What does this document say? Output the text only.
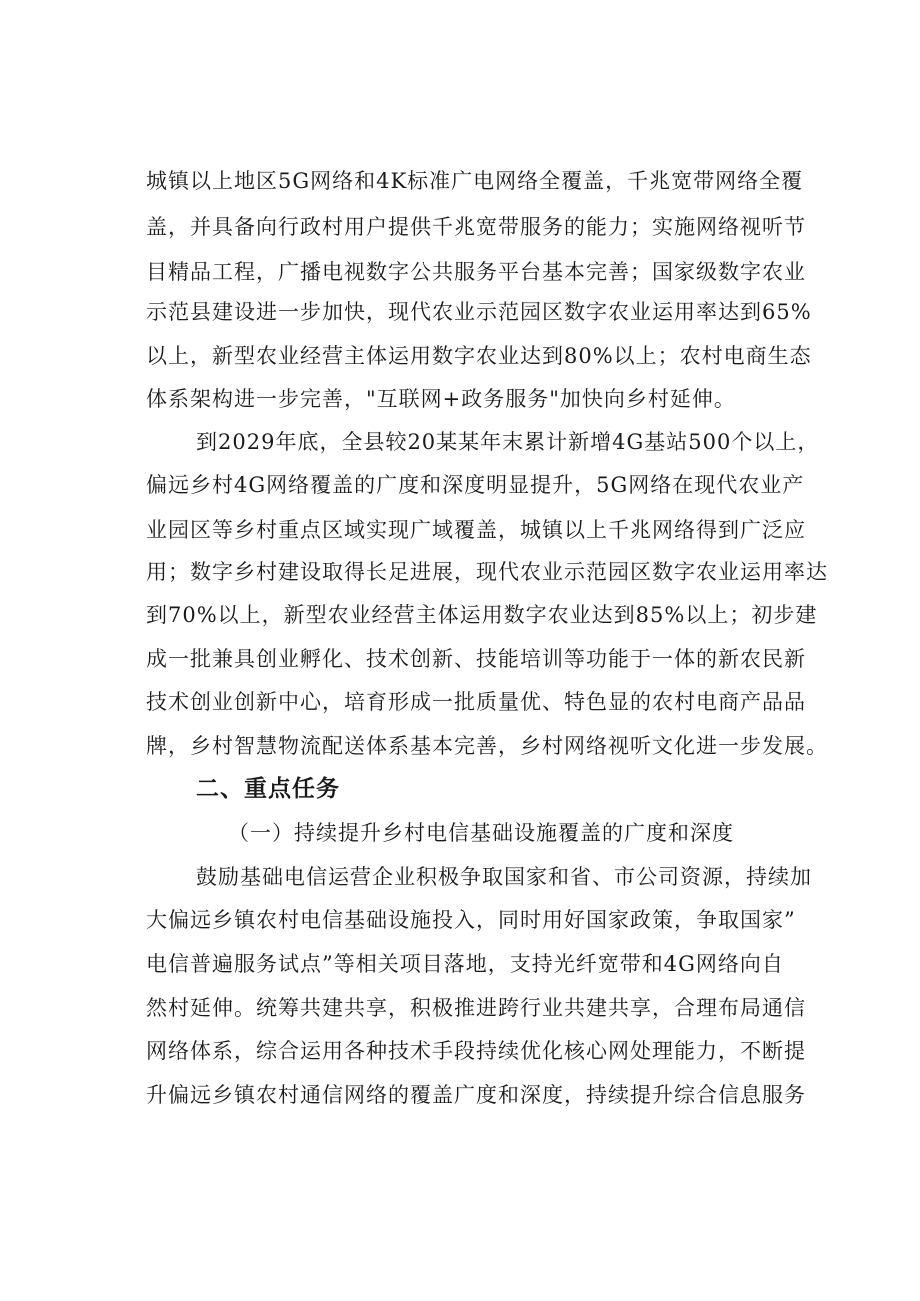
城镇以上地区5G网络和4K标准广电网络全覆盖，千兆宽带网络全覆
盖，并具备向行政村用户提供千兆宽带服务的能力；实施网络视听节
目精品工程，广播电视数字公共服务平台基本完善；国家级数字农业
示范县建设进一步加快，现代农业示范园区数字农业运用率达到65%
以上，新型农业经营主体运用数字农业达到80%以上；农村电商生态
体系架构进一步完善，"互联网+政务服务"加快向乡村延伸。
到2029年底，全县较20某某年末累计新增4G基站500个以上，
偏远乡村4G网络覆盖的广度和深度明显提升，5G网络在现代农业产
业园区等乡村重点区域实现广域覆盖，城镇以上千兆网络得到广泛应
用；数字乡村建设取得长足进展，现代农业示范园区数字农业运用率达
到70%以上，新型农业经营主体运用数字农业达到85%以上；初步建
成一批兼具创业孵化、技术创新、技能培训等功能于一体的新农民新
技术创业创新中心，培育形成一批质量优、特色显的农村电商产品品
牌，乡村智慧物流配送体系基本完善，乡村网络视听文化进一步发展。
二、重点任务
（一）持续提升乡村电信基础设施覆盖的广度和深度
鼓励基础电信运营企业积极争取国家和省、市公司资源，持续加
大偏远乡镇农村电信基础设施投入，同时用好国家政策，争取国家”
电信普遍服务试点”等相关项目落地，支持光纤宽带和4G网络向自
然村延伸。统筹共建共享，积极推进跨行业共建共享，合理布局通信
网络体系，综合运用各种技术手段持续优化核心网处理能力，不断提
升偏远乡镇农村通信网络的覆盖广度和深度，持续提升综合信息服务
